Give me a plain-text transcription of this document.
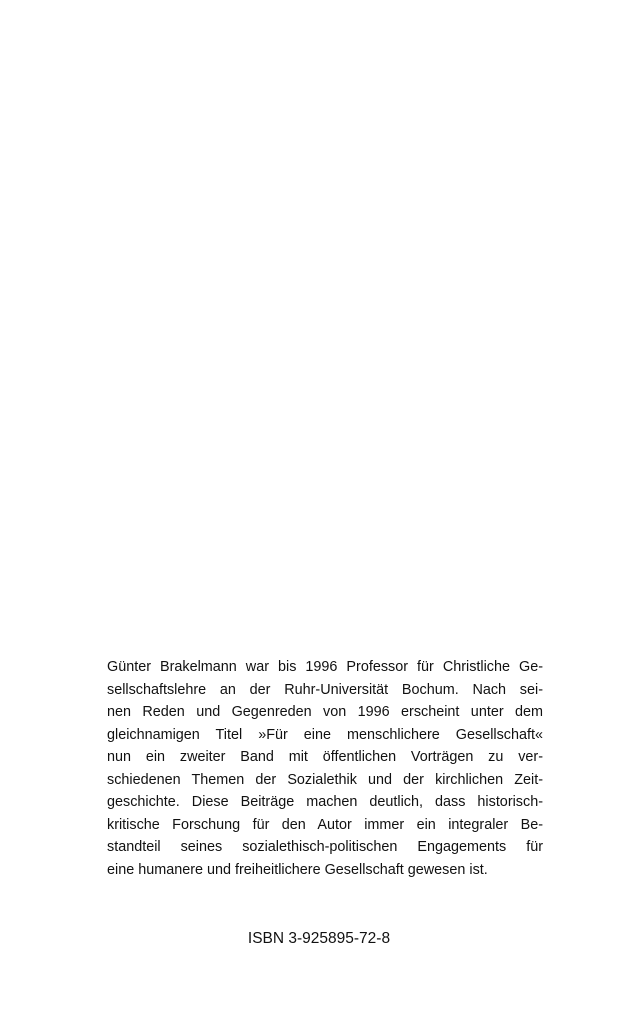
Günter Brakelmann war bis 1996 Professor für Christliche Ge-
sellschaftslehre an der Ruhr-Universität Bochum. Nach sei-
nen Reden und Gegenreden von 1996 erscheint unter dem
gleichnamigen Titel »Für eine menschlichere Gesellschaft«
nun ein zweiter Band mit öffentlichen Vorträgen zu ver-
schiedenen Themen der Sozialethik und der kirchlichen Zeit-
geschichte. Diese Beiträge machen deutlich, dass historisch-
kritische Forschung für den Autor immer ein integraler Be-
standteil seines sozialethisch-politischen Engagements für
eine humanere und freiheitlichere Gesellschaft gewesen ist.
ISBN 3-925895-72-8
